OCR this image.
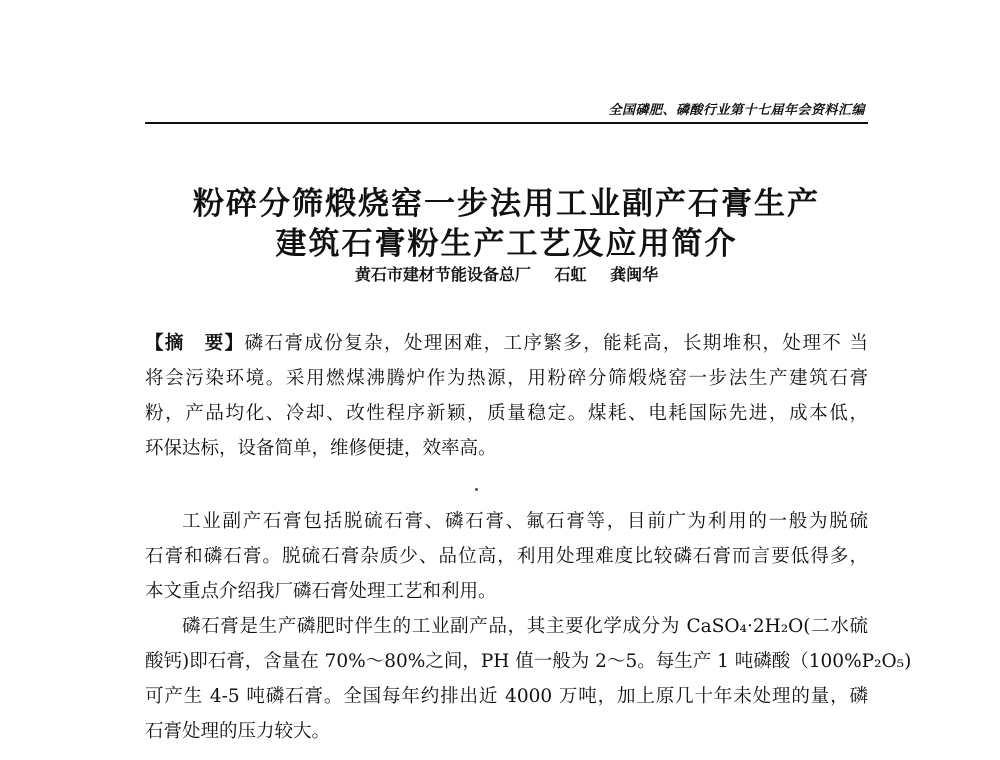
全国磷肥、磷酸行业第十七届年会资料汇编
粉碎分筛煅烧窑一步法用工业副产石膏生产
建筑石膏粉生产工艺及应用简介
黄石市建材节能设备总厂 石虹 龚闽华
【摘　要】磷石膏成份复杂，处理困难，工序繁多，能耗高，长期堆积，处理不 当
将会污染环境。采用燃煤沸腾炉作为热源，用粉碎分筛煅烧窑一步法生产建筑石膏
粉，产品均化、冷却、改性程序新颖，质量稳定。煤耗、电耗国际先进，成本低，
环保达标，设备简单，维修便捷，效率高。
工业副产石膏包括脱硫石膏、磷石膏、氟石膏等，目前广为利用的一般为脱硫
石膏和磷石膏。脱硫石膏杂质少、品位高，利用处理难度比较磷石膏而言要低得多，
本文重点介绍我厂磷石膏处理工艺和利用。
磷石膏是生产磷肥时伴生的工业副产品，其主要化学成分为 CaSO₄·2H₂O(二水硫
酸钙)即石膏，含量在 70%～80%之间，PH 值一般为 2～5。每生产 1 吨磷酸（100%P₂O₅)
可产生 4-5 吨磷石膏。全国每年约排出近 4000 万吨，加上原几十年未处理的量，磷
石膏处理的压力较大。
